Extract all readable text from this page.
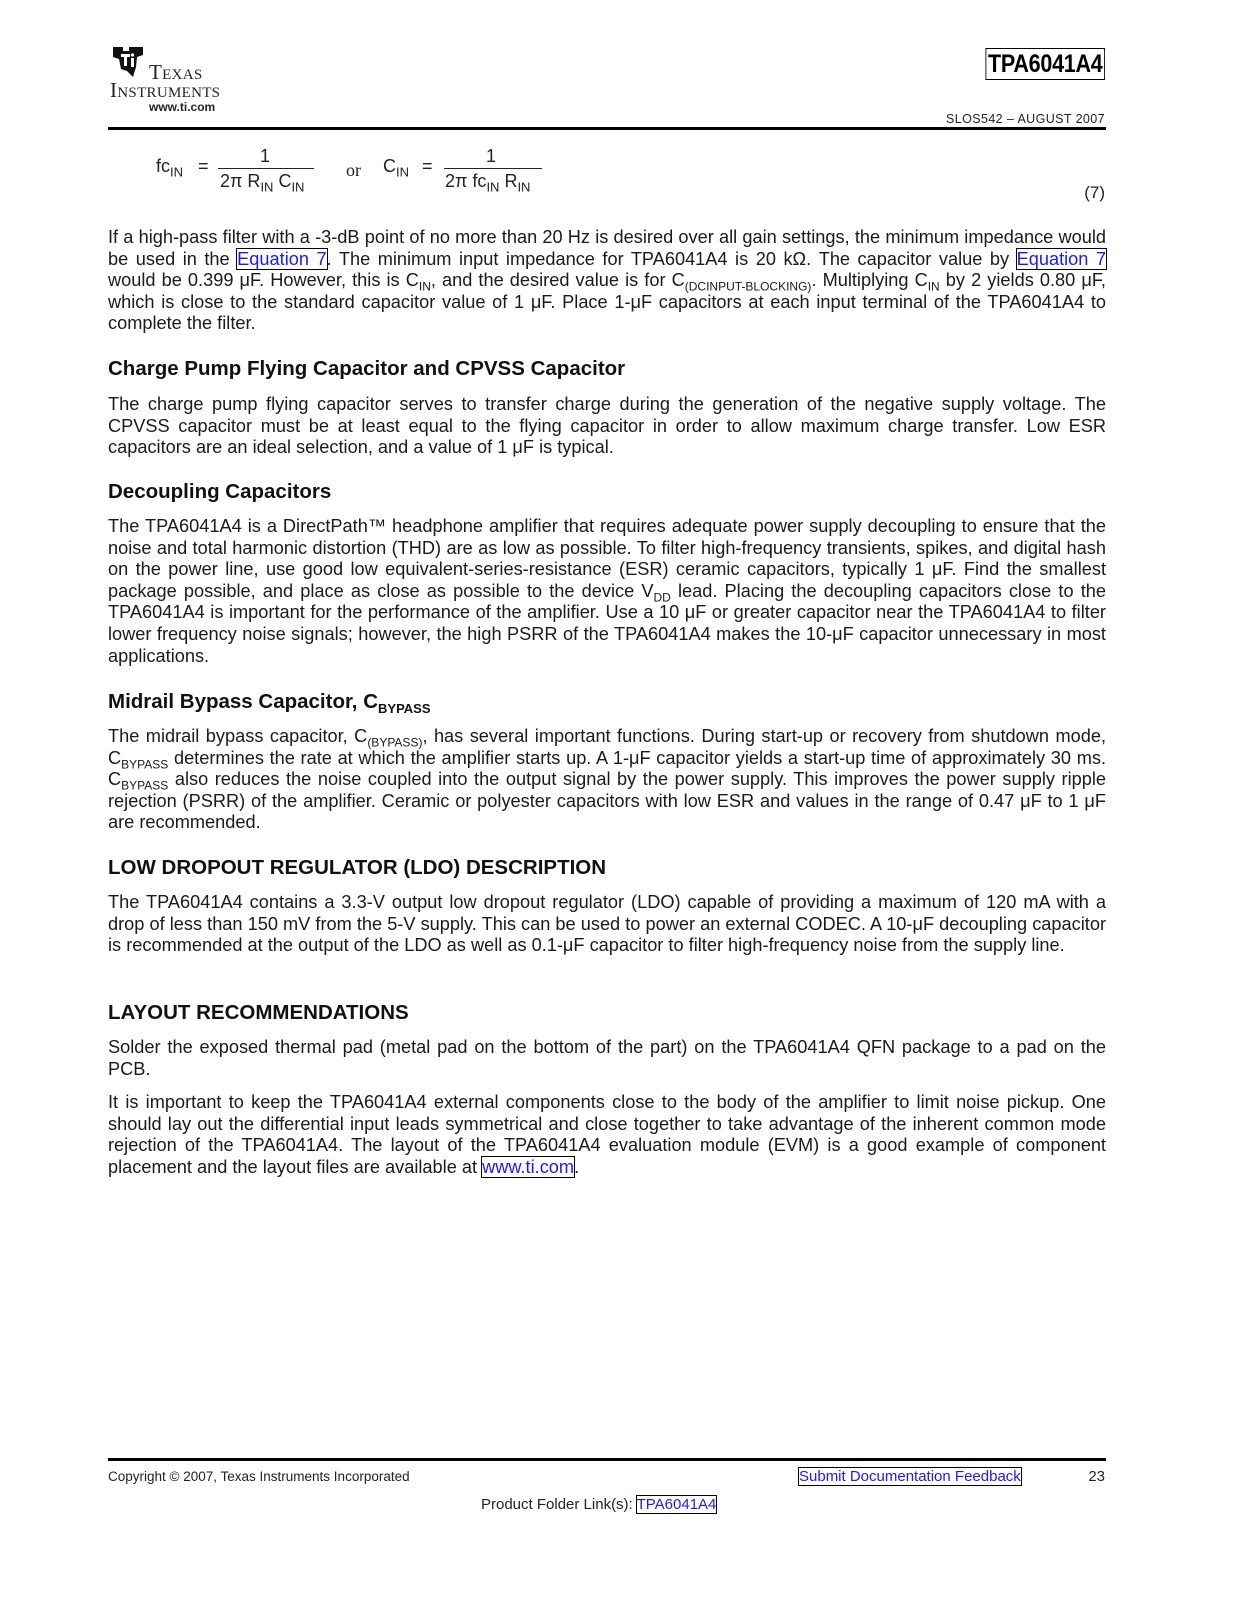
Texas
Instruments
www.ti.com
TPA6041A4
SLOS542 – AUGUST 2007
$fc_{IN}$ =	1
2π $R_{IN}$ $C_{IN}$
or $C_{IN}$ =	1
2π $fc_{IN}$ $R_{IN}$	(7)

If a high-pass filter with a -3-dB point of no more than 20 Hz is desired over all gain settings, the minimum impedance would be used in the Equation 7. The minimum input impedance for TPA6041A4 is 20 kΩ. The capacitor value by Equation 7 would be 0.399 μF. However, this is $C_{IN}$, and the desired value is for $C_{(DCINPUT-BLOCKING)}$. Multiplying $C_{IN}$ by 2 yields 0.80 μF, which is close to the standard capacitor value of 1 μF. Place 1-μF capacitors at each input terminal of the TPA6041A4 to complete the filter.

Charge Pump Flying Capacitor and CPVSS Capacitor

The charge pump flying capacitor serves to transfer charge during the generation of the negative supply voltage. The CPVSS capacitor must be at least equal to the flying capacitor in order to allow maximum charge transfer. Low ESR capacitors are an ideal selection, and a value of 1 μF is typical.

Decoupling Capacitors

The TPA6041A4 is a DirectPath™ headphone amplifier that requires adequate power supply decoupling to ensure that the noise and total harmonic distortion (THD) are as low as possible. To filter high-frequency transients, spikes, and digital hash on the power line, use good low equivalent-series-resistance (ESR) ceramic capacitors, typically 1 μF. Find the smallest package possible, and place as close as possible to the device $V_{DD}$ lead. Placing the decoupling capacitors close to the TPA6041A4 is important for the performance of the amplifier. Use a 10 μF or greater capacitor near the TPA6041A4 to filter lower frequency noise signals; however, the high PSRR of the TPA6041A4 makes the 10-μF capacitor unnecessary in most applications.

Midrail Bypass Capacitor, $C_{BYPASS}$

The midrail bypass capacitor, $C_{(BYPASS)}$, has several important functions. During start-up or recovery from shutdown mode, $C_{BYPASS}$ determines the rate at which the amplifier starts up. A 1-μF capacitor yields a start-up time of approximately 30 ms. $C_{BYPASS}$ also reduces the noise coupled into the output signal by the power supply. This improves the power supply ripple rejection (PSRR) of the amplifier. Ceramic or polyester capacitors with low ESR and values in the range of 0.47 μF to 1 μF are recommended.

LOW DROPOUT REGULATOR (LDO) DESCRIPTION

The TPA6041A4 contains a 3.3-V output low dropout regulator (LDO) capable of providing a maximum of 120 mA with a drop of less than 150 mV from the 5-V supply. This can be used to power an external CODEC. A 10-μF decoupling capacitor is recommended at the output of the LDO as well as 0.1-μF capacitor to filter high-frequency noise from the supply line.

LAYOUT RECOMMENDATIONS

Solder the exposed thermal pad (metal pad on the bottom of the part) on the TPA6041A4 QFN package to a pad on the PCB.

It is important to keep the TPA6041A4 external components close to the body of the amplifier to limit noise pickup. One should lay out the differential input leads symmetrical and close together to take advantage of the inherent common mode rejection of the TPA6041A4. The layout of the TPA6041A4 evaluation module (EVM) is a good example of component placement and the layout files are available at www.ti.com.

Copyright © 2007, Texas Instruments Incorporated	Submit Documentation Feedback	23
Product Folder Link(s): TPA6041A4
